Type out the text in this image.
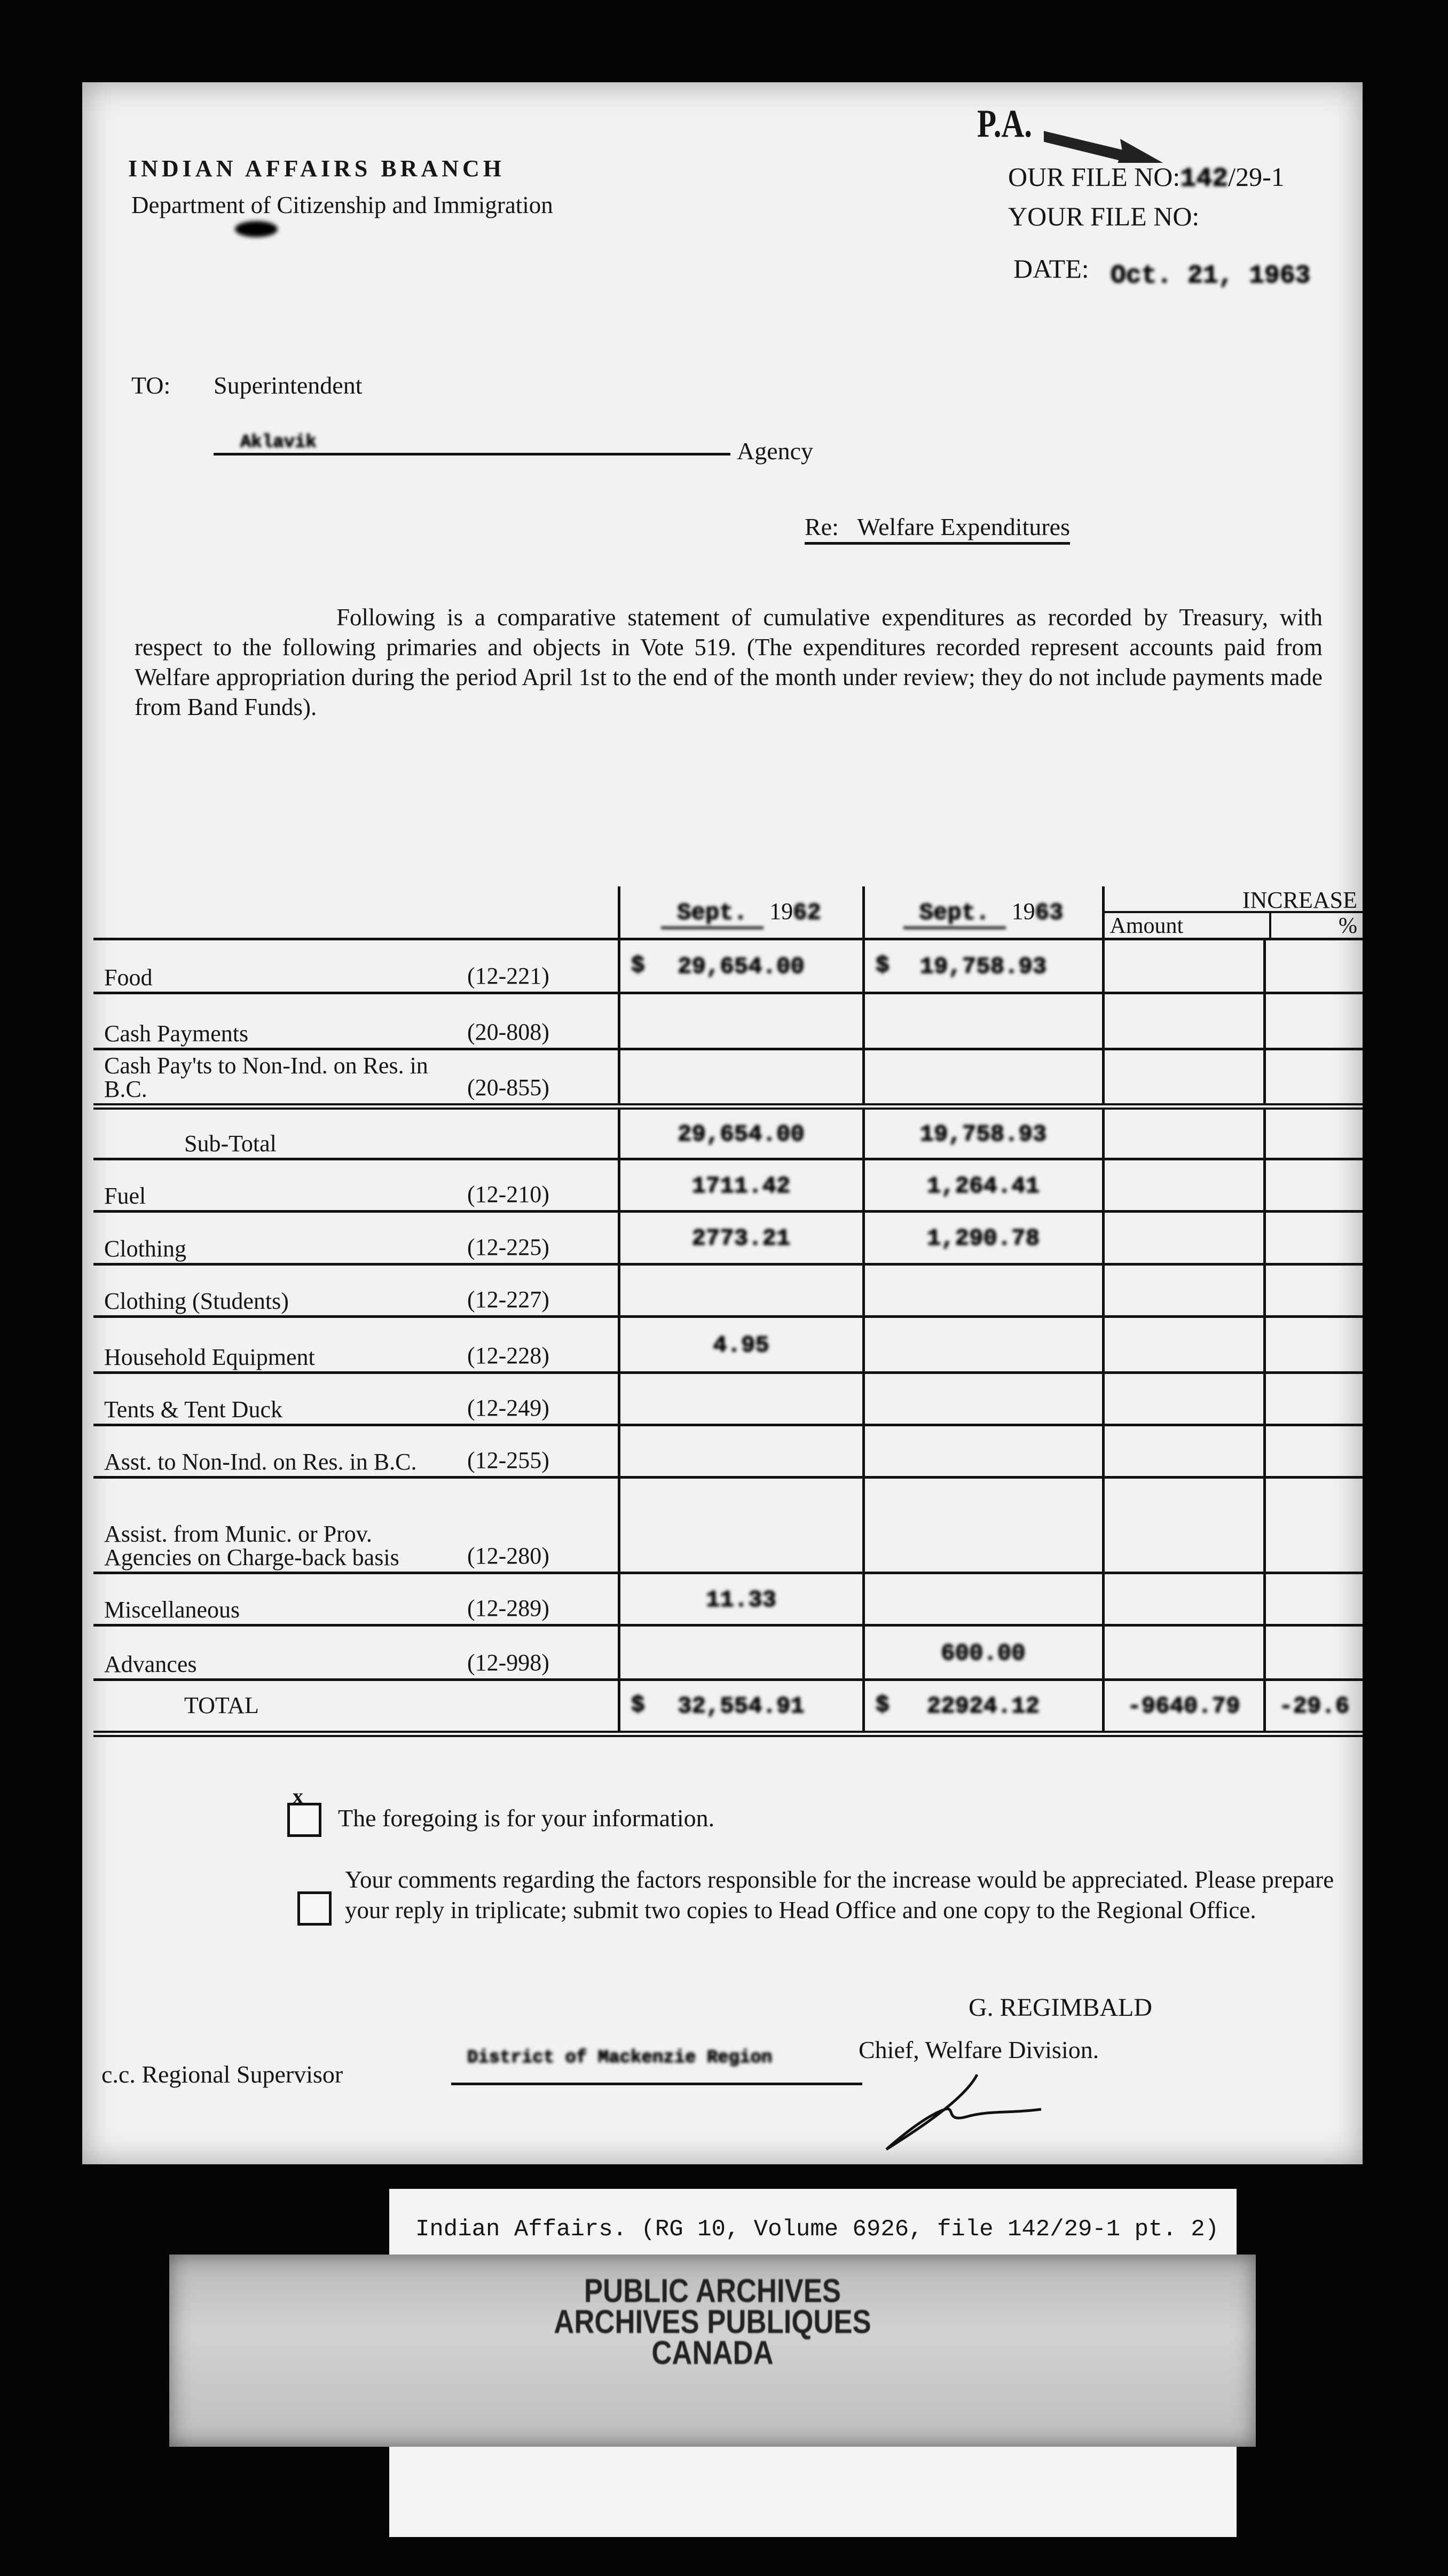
INDIAN AFFAIRS BRANCH
Department of Citizenship and Immigration
P.A.
OUR FILE NO:142/29-1
YOUR FILE NO:
DATE: Oct. 21, 1963
TO: Superintendent
Aklavik	Agency
Re: Welfare Expenditures
Following is a comparative statement of cumulative expenditures as recorded by Treasury, with respect to the following primaries and objects in Vote 519. (The expenditures recorded represent accounts paid from Welfare appropriation during the period April 1st to the end of the month under review; they do not include payments made from Band Funds).
	Sept. 1962	Sept. 1963	INCREASE
Amount %	

Food (12-221)	$ 29,654.00	$ 19,758.93		
Cash Payments (20-808)				

Cash Pay'ts to Non-Ind. on Res. in B.C. (20-855)				

Sub-Total	29,654.00	19,758.93		
Fuel (12-210)	1711.42	1,264.41		
Clothing (12-225)	2773.21	1,290.78		
Clothing (Students) (12-227)				

Household Equipment (12-228)	4.95			
Tents & Tent Duck (12-249)				

Asst. to Non-Ind. on Res. in B.C. (12-255)				

Assist. from Munic. or Prov. Agencies on Charge-back basis (12-280)				

Miscellaneous (12-289)	11.33			
Advances (12-998)		600.00		
TOTAL	$ 32,554.91	$ 22924.12	-9640.79	-29.6
x
The foregoing is for your information.
Your comments regarding the factors responsible for the increase would be appreciated. Please prepare your reply in triplicate; submit two copies to Head Office and one copy to the Regional Office.
G. REGIMBALD
Chief, Welfare Division.
c.c. Regional Supervisor
District of Mackenzie Region
PUBLIC ARCHIVES
ARCHIVES PUBLIQUES
CANADA
Indian Affairs. (RG 10, Volume 6926, file 142/29-1 pt. 2)
